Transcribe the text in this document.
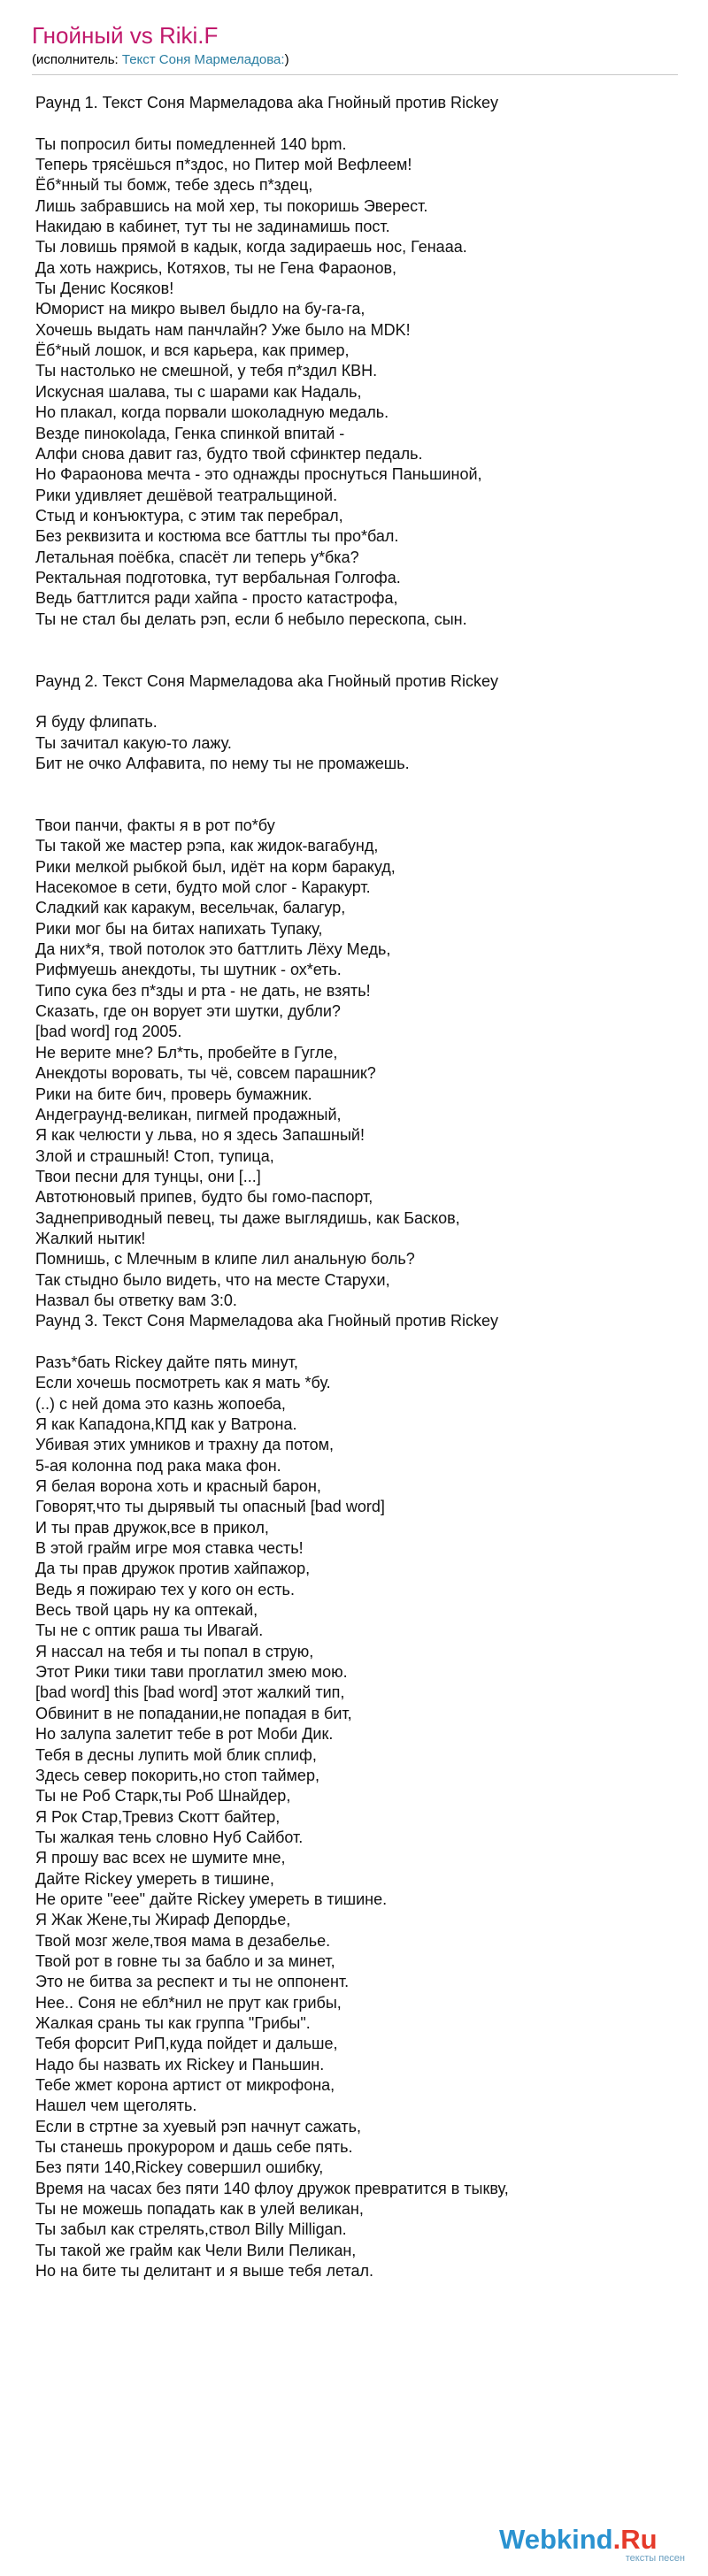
Гнойный vs Riki.F
(исполнитель: Текст Соня Мармеладова:)
Раунд 1. Текст Соня Мармеладова aka Гнойный против Rickey

Ты попросил биты помедленней 140 bpm.
Теперь трясёшься п*здос, но Питер мой Вефлеем!
Ёб*нный ты бомж, тебе здесь п*здец,
Лишь забравшись на мой хер, ты покоришь Эверест.
Накидаю в кабинет, тут ты не задинамишь пост.
Ты ловишь прямой в кадык, когда задираешь нос, Генааа.
Да хоть нажрись, Котяхов, ты не Гена Фараонов,
Ты Денис Косяков!
Юморист на микро вывел быдло на бу-га-га,
Хочешь выдать нам панчлайн? Уже было на MDK!
Ёб*ный лошок, и вся карьера, как пример,
Ты настолько не смешной, у тебя п*здил КВН.
Искусная шалава, ты с шарами как Надаль,
Но плакал, когда порвали шоколадную медаль.
Везде пинокolада, Генка спинкой впитай -
Алфи снова давит газ, будто твой сфинктер педаль.
Но Фараонова мечта - это однажды проснуться Паньшиной,
Рики удивляет дешёвой театральщиной.
Стыд и конъюктура, с этим так перебрал,
Без реквизита и костюма все баттлы ты про*бал.
Летальная поёбка, спасёт ли теперь у*бка?
Ректальная подготовка, тут вербальная Голгофа.
Ведь баттлится ради хайпа - просто катастрофа,
Ты не стал бы делать рэп, если б небыло перескопа, сын.

Раунд 2. Текст Соня Мармеладова aka Гнойный против Rickey

Я буду флипать.
Ты зачитал какую-то лажу.
Бит не очко Алфавита, по нему ты не промажешь.

Твои панчи, факты я в рот по*бу
Ты такой же мастер рэпа, как жидок-вагабунд,
Рики мелкой рыбкой был, идёт на корм баракуд,
Насекомое в сети, будто мой слог - Каракурт.
Сладкий как каракум, весельчак, балагур,
Рики мог бы на битах напихать Тупаку,
Да них*я, твой потолок это баттлить Лёху Медь,
Рифмуешь анекдоты, ты шутник - ох*еть.
Типо сука без п*зды и рта - не дать, не взять!
Сказать, где он ворует эти шутки, дубли?
[bad word] год 2005.
Не верите мне? Бл*ть, пробейте в Гугле,
Анекдоты воровать, ты чё, совсем парашник?
Рики на бите бич, проверь бумажник.
Андеграунд-великан, пигмей продажный,
Я как челюсти у льва, но я здесь Запашный!
Злой и страшный! Стоп, тупица,
Твои песни для тунцы, они [...]
Автотюновый припев, будто бы гомо-паспорт,
Заднеприводный певец, ты даже выглядишь, как Басков,
Жалкий нытик!
Помнишь, с Млечным в клипе лил анальную боль?
Так стыдно было видеть, что на месте Старухи,
Назвал бы ответку вам 3:0.
Раунд 3. Текст Соня Мармеладова aka Гнойный против Rickey

Разъ*бать Rickey дайте пять минут,
Если хочешь посмотреть как я мать *бу.
(..) с ней дома это казнь жопоеба,
Я как Кападона,КПД как у Ватрона.
Убивая этих умников и трахну да потом,
5-ая колонна под рака мака фон.
Я белая ворона хоть и красный барон,
Говорят,что ты дырявый ты опасный [bad word]
И ты прав дружок,все в прикол,
В этой грайм игре моя ставка честь!
Да ты прав дружок против хайпажор,
Ведь я пожираю тех у кого он есть.
Весь твой царь ну ка оптекай,
Ты не с оптик раша ты Ивагай.
Я нассал на тебя и ты попал в струю,
Этот Рики тики тави проглатил змею мою.
[bad word] this [bad word] этот жалкий тип,
Обвинит в не попадании,не попадая в бит,
Но залупа залетит тебе в рот Моби Дик.
Тебя в десны лупить мой блик сплиф,
Здесь север покорить,но стоп таймер,
Ты не Роб Старк,ты Роб Шнайдер,
Я Рок Стар,Тревиз Скотт байтер,
Ты жалкая тень словно Нуб Сайбот.
Я прошу вас всех не шумите мне,
Дайте Rickey умереть в тишине,
Не орите "еее" дайте Rickey умереть в тишине.
Я Жак Жене,ты Жираф Депордье,
Твой мозг желе,твоя мама в дезабелье.
Твой рот в говне ты за бабло и за минет,
Это не битва за респект и ты не оппонент.
Нее.. Соня не ебл*нил не прут как грибы,
Жалкая срань ты как группа "Грибы".
Тебя форсит РиП,куда пойдет и дальше,
Надо бы назвать их Rickey и Паньшин.
Тебе жмет корона артист от микрофона,
Нашел чем щеголять.
Если в стртне за хуевый рэп начнут сажать,
Ты станешь прокурором и дашь себе пять.
Без пяти 140,Rickey совершил ошибку,
Время на часах без пяти 140 флоу дружок превратится в тыкву,
Ты не можешь попадать как в улей великан,
Ты забыл как стрелять,ствол Billy Milligan.
Ты такой же грайм как Чели Вили Пеликан,
Но на бите ты делитант и я выше тебя летал.
Webkind.Ru
тексты песен
